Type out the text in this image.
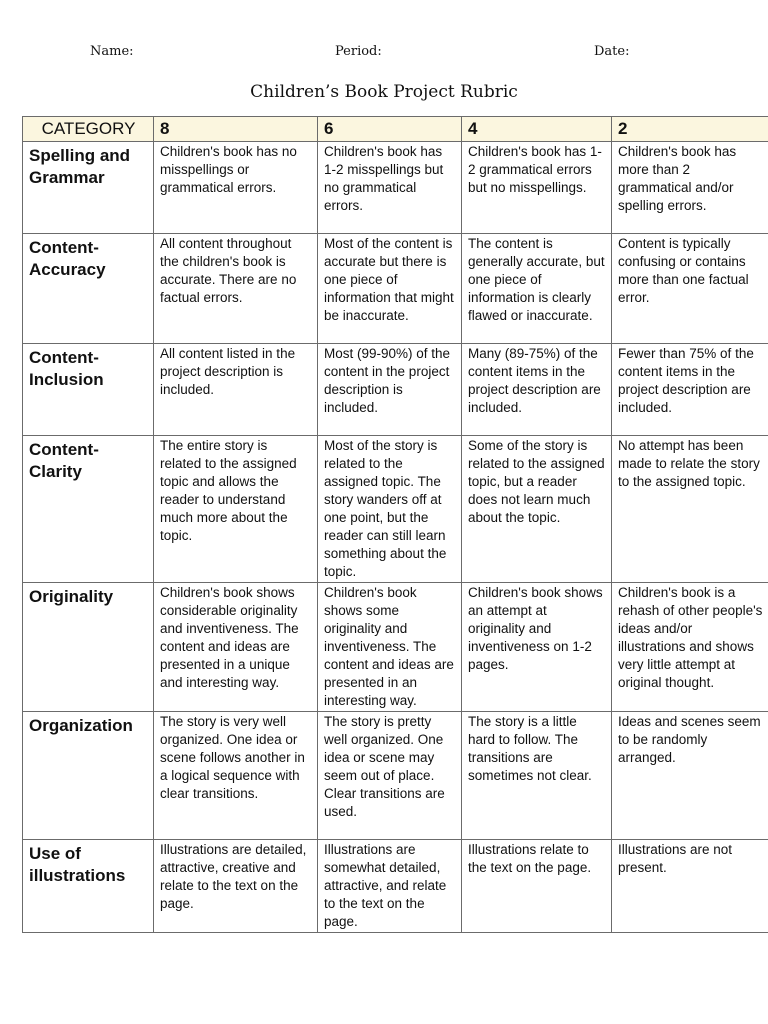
Name:	Period:	Date:
Children’s Book Project Rubric
CATEGORY	8	6	4	2
Spelling and Grammar	Children's book has no misspellings or grammatical errors.	Children's book has 1-2 misspellings but no grammatical errors.	Children's book has 1-2 grammatical errors but no misspellings.	Children's book has more than 2 grammatical and/or spelling errors.
Content-Accuracy	All content throughout the children's book is accurate. There are no factual errors.	Most of the content is accurate but there is one piece of information that might be inaccurate.	The content is generally accurate, but one piece of information is clearly flawed or inaccurate.	Content is typically confusing or contains more than one factual error.
Content-Inclusion	All content listed in the project description is included.	Most (99-90%) of the content in the project description is included.	Many (89-75%) of the content items in the project description are included.	Fewer than 75% of the content items in the project description are included.
Content-Clarity	The entire story is related to the assigned topic and allows the reader to understand much more about the topic.	Most of the story is related to the assigned topic. The story wanders off at one point, but the reader can still learn something about the topic.	Some of the story is related to the assigned topic, but a reader does not learn much about the topic.	No attempt has been made to relate the story to the assigned topic.
Originality	Children's book shows considerable originality and inventiveness. The content and ideas are presented in a unique and interesting way.	Children's book shows some originality and inventiveness. The content and ideas are presented in an interesting way.	Children's book shows an attempt at originality and inventiveness on 1-2 pages.	Children's book is a rehash of other people's ideas and/or illustrations and shows very little attempt at original thought.
Organization	The story is very well organized. One idea or scene follows another in a logical sequence with clear transitions.	The story is pretty well organized. One idea or scene may seem out of place. Clear transitions are used.	The story is a little hard to follow. The transitions are sometimes not clear.	Ideas and scenes seem to be randomly arranged.
Use of illustrations	Illustrations are detailed, attractive, creative and relate to the text on the page.	Illustrations are somewhat detailed, attractive, and relate to the text on the page.	Illustrations relate to the text on the page.	Illustrations are not present.
